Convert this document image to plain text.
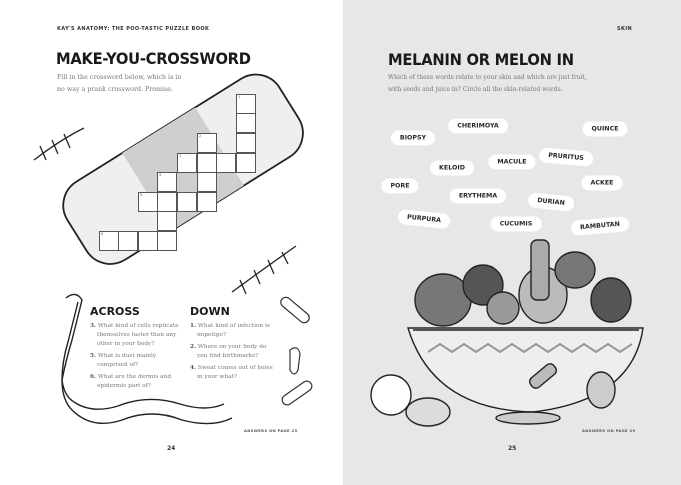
KAY'S ANATOMY: THE POO-TASTIC PUZZLE BOOK
MAKE-YOU-CROSSWORD
Fill in the crossword below, which is in
no way a prank crossword. Promise.
1
2
3
4
5
6
ACROSS
3. What kind of cells replicate themselves faster than any other in your body?
5. What is dust mainly comprised of?
6. What are the dermis and epidermis part of?
DOWN
1. What kind of infection is impetigo?
2. Where on your body do you find birthmarks?
4. Sweat comes out of holes in your what?
ANSWERS ON PAGE 25
24
SKIN
MELANIN OR MELON IN
Which of these words relate to your skin and which are just fruit,
with seeds and juice in? Circle all the skin-related words.
BIOPSY
CHERIMOYA	QUINCE
KELOID
MACULE	PRURITUS
PORE
ERYTHEMA
ACKEE
DURIAN
PURPURA	CUCUMIS	RAMBUTAN
ANSWERS ON PAGE 29
25
